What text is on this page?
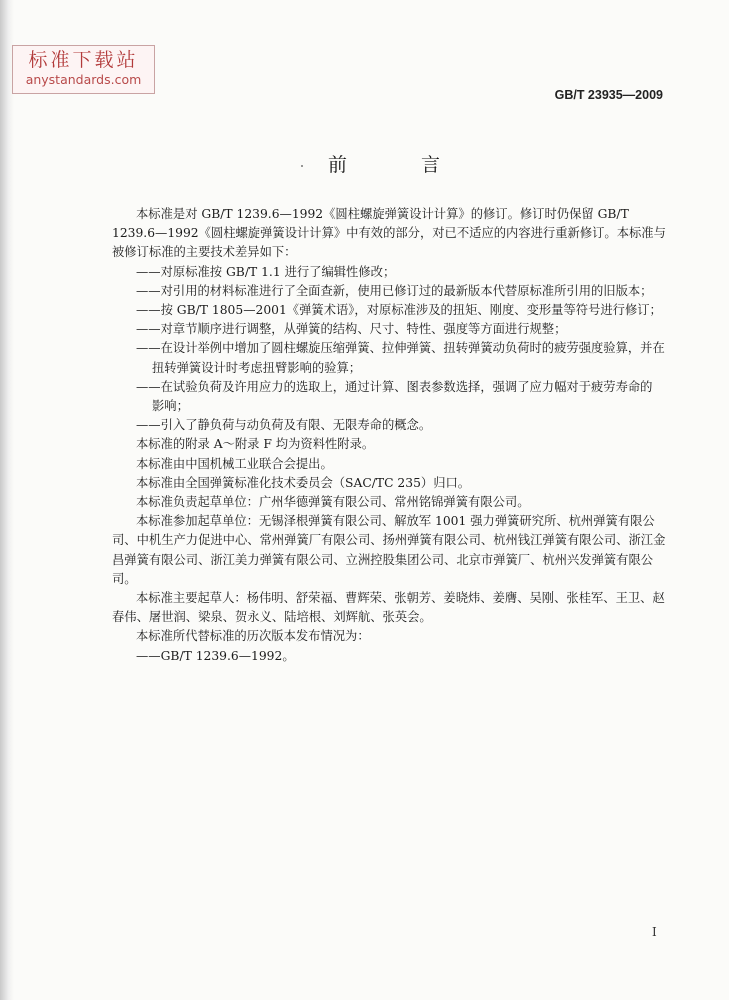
标准下载站
anystandards.com
GB/T 23935—2009
前 言

本标准是对 GB/T 1239.6—1992《圆柱螺旋弹簧设计计算》的修订。修订时仍保留 GB/T 1239.6—1992《圆柱螺旋弹簧设计计算》中有效的部分，对已不适应的内容进行重新修订。本标准与被修订标准的主要技术差异如下：

——对原标准按 GB/T 1.1 进行了编辑性修改；

——对引用的材料标准进行了全面查新，使用已修订过的最新版本代替原标准所引用的旧版本；

——按 GB/T 1805—2001《弹簧术语》，对原标准涉及的扭矩、刚度、变形量等符号进行修订；

——对章节顺序进行调整，从弹簧的结构、尺寸、特性、强度等方面进行规整；

——在设计举例中增加了圆柱螺旋压缩弹簧、拉伸弹簧、扭转弹簧动负荷时的疲劳强度验算，并在

扭转弹簧设计时考虑扭臂影响的验算；

——在试验负荷及许用应力的选取上，通过计算、图表参数选择，强调了应力幅对于疲劳寿命的

影响；

——引入了静负荷与动负荷及有限、无限寿命的概念。

本标准的附录 A～附录 F 均为资料性附录。

本标准由中国机械工业联合会提出。

本标准由全国弹簧标准化技术委员会（SAC/TC 235）归口。

本标准负责起草单位：广州华德弹簧有限公司、常州铭锦弹簧有限公司。

本标准参加起草单位：无锡泽根弹簧有限公司、解放军 1001 强力弹簧研究所、杭州弹簧有限公司、中机生产力促进中心、常州弹簧厂有限公司、扬州弹簧有限公司、杭州钱江弹簧有限公司、浙江金昌弹簧有限公司、浙江美力弹簧有限公司、立洲控股集团公司、北京市弹簧厂、杭州兴发弹簧有限公司。

本标准主要起草人：杨伟明、舒荣福、曹辉荣、张朝芳、姜晓炜、姜膺、吴刚、张桂军、王卫、赵春伟、屠世润、梁泉、贺永义、陆培根、刘辉航、张英会。

本标准所代替标准的历次版本发布情况为：

——GB/T 1239.6—1992。

I
